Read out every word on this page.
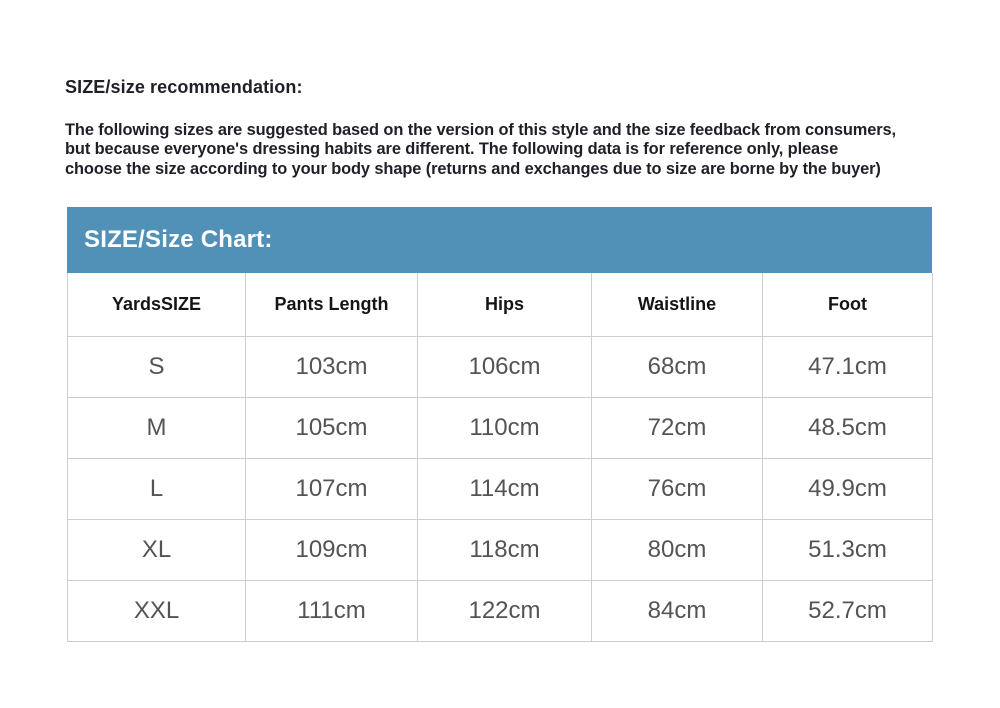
SIZE/size recommendation:
The following sizes are suggested based on the version of this style and the size feedback from consumers,
but because everyone's dressing habits are different. The following data is for reference only, please
choose the size according to your body shape (returns and exchanges due to size are borne by the buyer)
SIZE/Size Chart:
YardsSIZE	Pants Length	Hips	Waistline	Foot
S	103cm	106cm	68cm	47.1cm
M	105cm	110cm	72cm	48.5cm
L	107cm	114cm	76cm	49.9cm
XL	109cm	118cm	80cm	51.3cm
XXL	111cm	122cm	84cm	52.7cm
